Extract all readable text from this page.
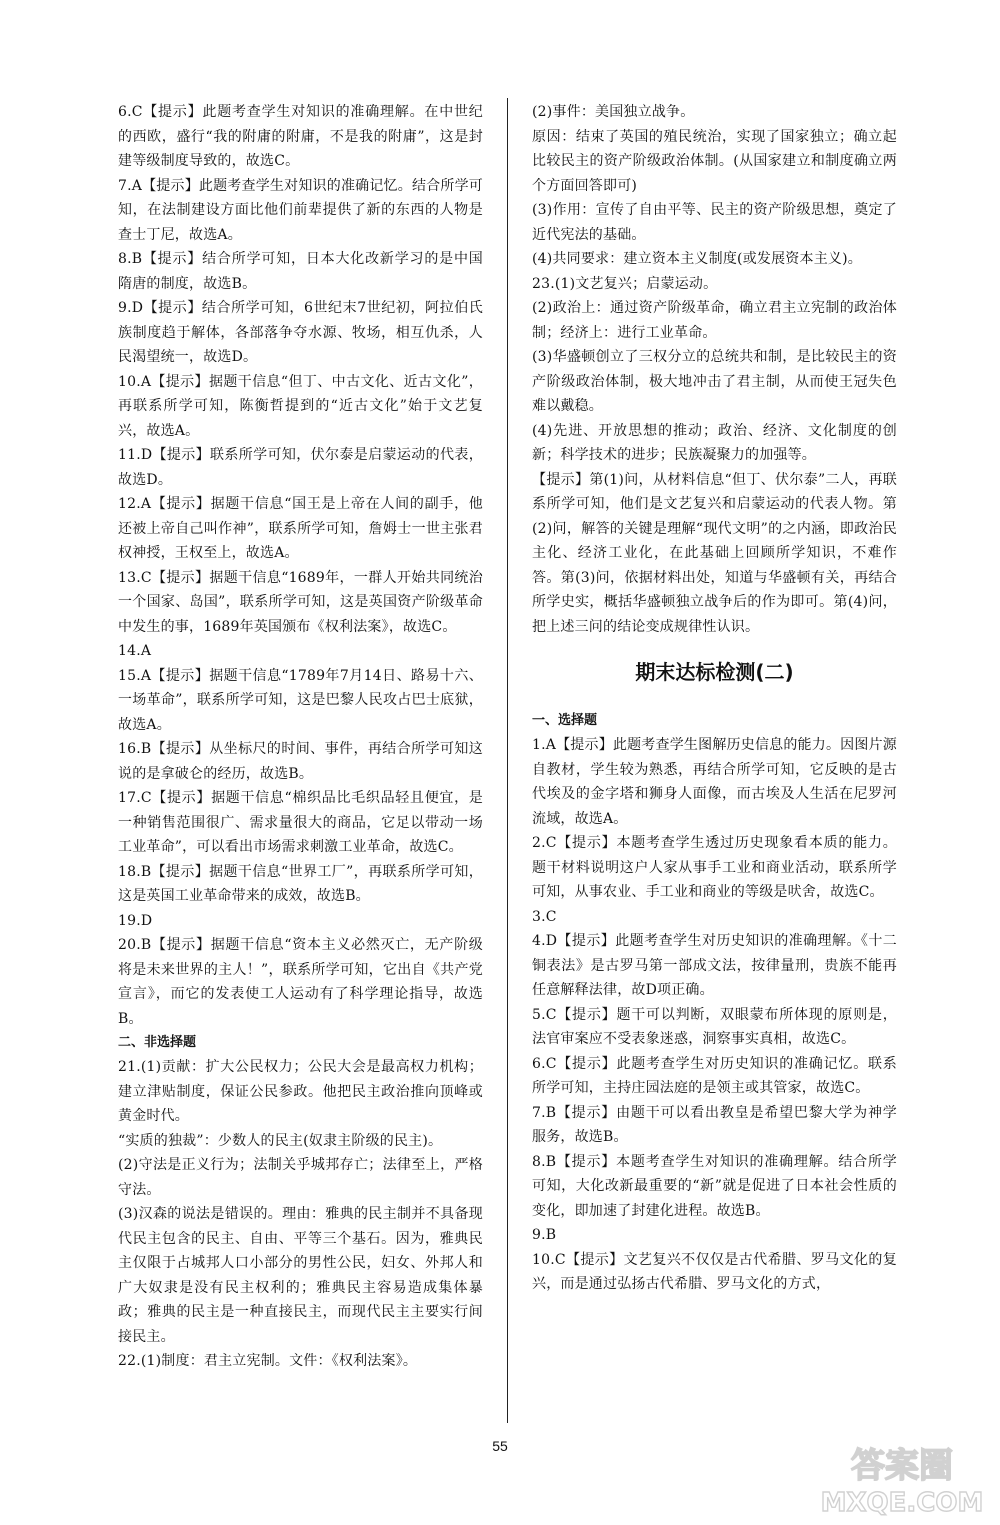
6.C【提示】此题考查学生对知识的准确理解。在中世纪的西欧，盛行“我的附庸的附庸，不是我的附庸”，这是封建等级制度导致的，故选C。

7.A【提示】此题考查学生对知识的准确记忆。结合所学可知，在法制建设方面比他们前辈提供了新的东西的人物是查士丁尼，故选A。

8.B【提示】结合所学可知，日本大化改新学习的是中国隋唐的制度，故选B。

9.D【提示】结合所学可知，6世纪末7世纪初，阿拉伯氏族制度趋于解体，各部落争夺水源、牧场，相互仇杀，人民渴望统一，故选D。

10.A【提示】据题干信息“但丁、中古文化、近古文化”，再联系所学可知，陈衡哲提到的“近古文化”始于文艺复兴，故选A。

11.D【提示】联系所学可知，伏尔泰是启蒙运动的代表，故选D。

12.A【提示】据题干信息“国王是上帝在人间的副手，他还被上帝自己叫作神”，联系所学可知，詹姆士一世主张君权神授，王权至上，故选A。

13.C【提示】据题干信息“1689年，一群人开始共同统治一个国家、岛国”，联系所学可知，这是英国资产阶级革命中发生的事，1689年英国颁布《权利法案》，故选C。

14.A

15.A【提示】据题干信息“1789年7月14日、路易十六、一场革命”，联系所学可知，这是巴黎人民攻占巴士底狱，故选A。

16.B【提示】从坐标尺的时间、事件，再结合所学可知这说的是拿破仑的经历，故选B。

17.C【提示】据题干信息“棉织品比毛织品轻且便宜，是一种销售范围很广、需求量很大的商品，它足以带动一场工业革命”，可以看出市场需求刺激工业革命，故选C。

18.B【提示】据题干信息“世界工厂”，再联系所学可知，这是英国工业革命带来的成效，故选B。

19.D

20.B【提示】据题干信息“资本主义必然灭亡，无产阶级将是未来世界的主人！”，联系所学可知，它出自《共产党宣言》，而它的发表使工人运动有了科学理论指导，故选B。

二、非选择题

21.(1)贡献：扩大公民权力；公民大会是最高权力机构；建立津贴制度，保证公民参政。他把民主政治推向顶峰或黄金时代。

“实质的独裁”：少数人的民主(奴隶主阶级的民主)。

(2)守法是正义行为；法制关乎城邦存亡；法律至上，严格守法。

(3)汉森的说法是错误的。理由：雅典的民主制并不具备现代民主包含的民主、自由、平等三个基石。因为，雅典民主仅限于占城邦人口小部分的男性公民，妇女、外邦人和广大奴隶是没有民主权利的；雅典民主容易造成集体暴政；雅典的民主是一种直接民主，而现代民主主要实行间接民主。

22.(1)制度：君主立宪制。文件：《权利法案》。

(2)事件：美国独立战争。

原因：结束了英国的殖民统治，实现了国家独立；确立起比较民主的资产阶级政治体制。(从国家建立和制度确立两个方面回答即可)

(3)作用：宣传了自由平等、民主的资产阶级思想，奠定了近代宪法的基础。

(4)共同要求：建立资本主义制度(或发展资本主义)。

23.(1)文艺复兴；启蒙运动。

(2)政治上：通过资产阶级革命，确立君主立宪制的政治体制；经济上：进行工业革命。

(3)华盛顿创立了三权分立的总统共和制，是比较民主的资产阶级政治体制，极大地冲击了君主制，从而使王冠失色难以戴稳。

(4)先进、开放思想的推动；政治、经济、文化制度的创新；科学技术的进步；民族凝聚力的加强等。

【提示】第(1)问，从材料信息“但丁、伏尔泰”二人，再联系所学可知，他们是文艺复兴和启蒙运动的代表人物。第(2)问，解答的关键是理解“现代文明”的之内涵，即政治民主化、经济工业化，在此基础上回顾所学知识，不难作答。第(3)问，依据材料出处，知道与华盛顿有关，再结合所学史实，概括华盛顿独立战争后的作为即可。第(4)问，把上述三问的结论变成规律性认识。

期末达标检测(二)

一、选择题

1.A【提示】此题考查学生图解历史信息的能力。因图片源自教材，学生较为熟悉，再结合所学可知，它反映的是古代埃及的金字塔和狮身人面像，而古埃及人生活在尼罗河流域，故选A。

2.C【提示】本题考查学生透过历史现象看本质的能力。题干材料说明这户人家从事手工业和商业活动，联系所学可知，从事农业、手工业和商业的等级是吠舍，故选C。

3.C

4.D【提示】此题考查学生对历史知识的准确理解。《十二铜表法》是古罗马第一部成文法，按律量刑，贵族不能再任意解释法律，故D项正确。

5.C【提示】题干可以判断，双眼蒙布所体现的原则是，法官审案应不受表象迷惑，洞察事实真相，故选C。

6.C【提示】此题考查学生对历史知识的准确记忆。联系所学可知，主持庄园法庭的是领主或其管家，故选C。

7.B【提示】由题干可以看出教皇是希望巴黎大学为神学服务，故选B。

8.B【提示】本题考查学生对知识的准确理解。结合所学可知，大化改新最重要的“新”就是促进了日本社会性质的变化，即加速了封建化进程。故选B。

9.B

10.C【提示】文艺复兴不仅仅是古代希腊、罗马文化的复兴，而是通过弘扬古代希腊、罗马文化的方式，

55	答案圈
MXQE.COM
